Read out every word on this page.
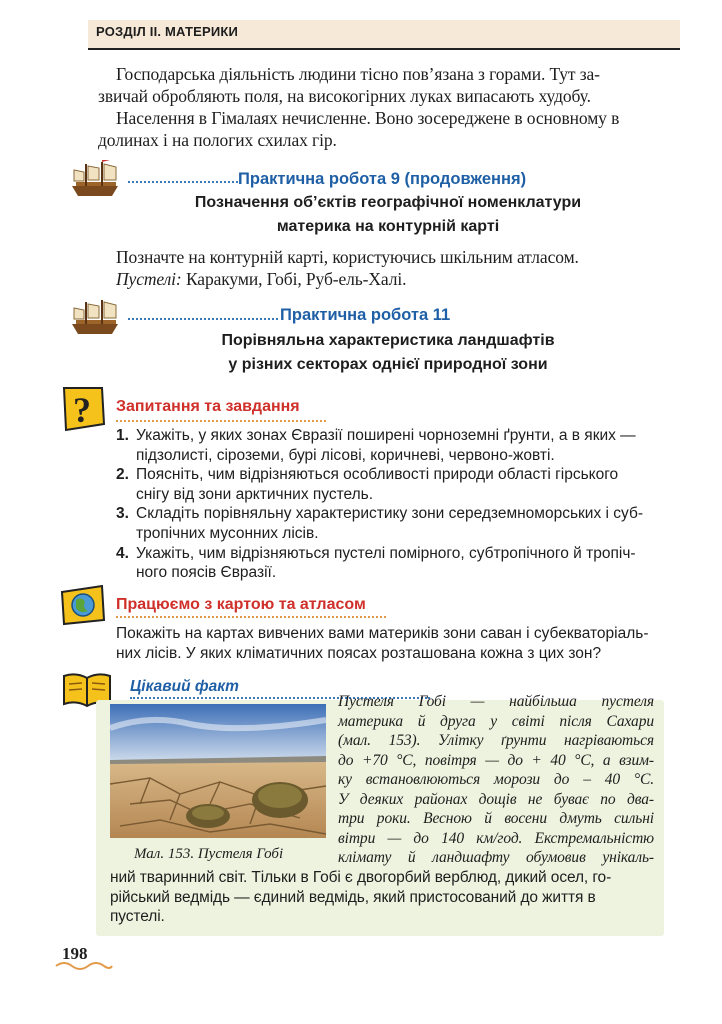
РОЗДІЛ ІІ. МАТЕРИКИ

Господарська діяльність людини тісно пов’язана з горами. Тут за-

звичай обробляють поля, на високогірних луках випасають худобу.

Населення в Гімалаях нечисленне. Воно зосереджене в основному в

долинах і на пологих схилах гір.

Практична робота 9 (продовження)
Позначення об’єктів географічної номенклатури
материка на контурній карті

Позначте на контурній карті, користуючись шкільним атласом.

Пустелі: Каракуми, Гобі, Руб-ель-Халі.

Практична робота 11
Порівняльна характеристика ландшафтів
у різних секторах однієї природної зони
? Запитання та завдання
1. Укажіть, у яких зонах Євразії поширені чорноземні ґрунти, а в яких —
підзолисті, сіроземи, бурі лісові, коричневі, червоно-жовті.
2. Поясніть, чим відрізняються особливості природи області гірського
снігу від зони арктичних пустель.
3. Складіть порівняльну характеристику зони середземноморських і суб-
тропічних мусонних лісів.
4. Укажіть, чим відрізняються пустелі помірного, субтропічного й тропіч-
ного поясів Євразії.
Працюємо з картою та атласом
Покажіть на картах вивчених вами материків зони саван і субекваторіаль-
них лісів. У яких кліматичних поясах розташована кожна з цих зон?
Цікавий факт
Мал. 153. Пустеля Гобі
Пустеля Гобі — найбільша пустеля
материка й друга у світі після Сахари
(мал. 153). Улітку ґрунти нагріваються
до +70 °С, повітря — до + 40 °С, а взим-
ку встановлюються морози до – 40 °С.
У деяких районах дощів не буває по два-
три роки. Весною й восени дмуть сильні
вітри — до 140 км/год. Екстремальністю
клімату й ландшафту обумовив унікаль-
ний тваринний світ. Тільки в Гобі є двогорбий верблюд, дикий осел, го-
рійський ведмідь — єдиний ведмідь, який пристосований до життя в
пустелі.
198
